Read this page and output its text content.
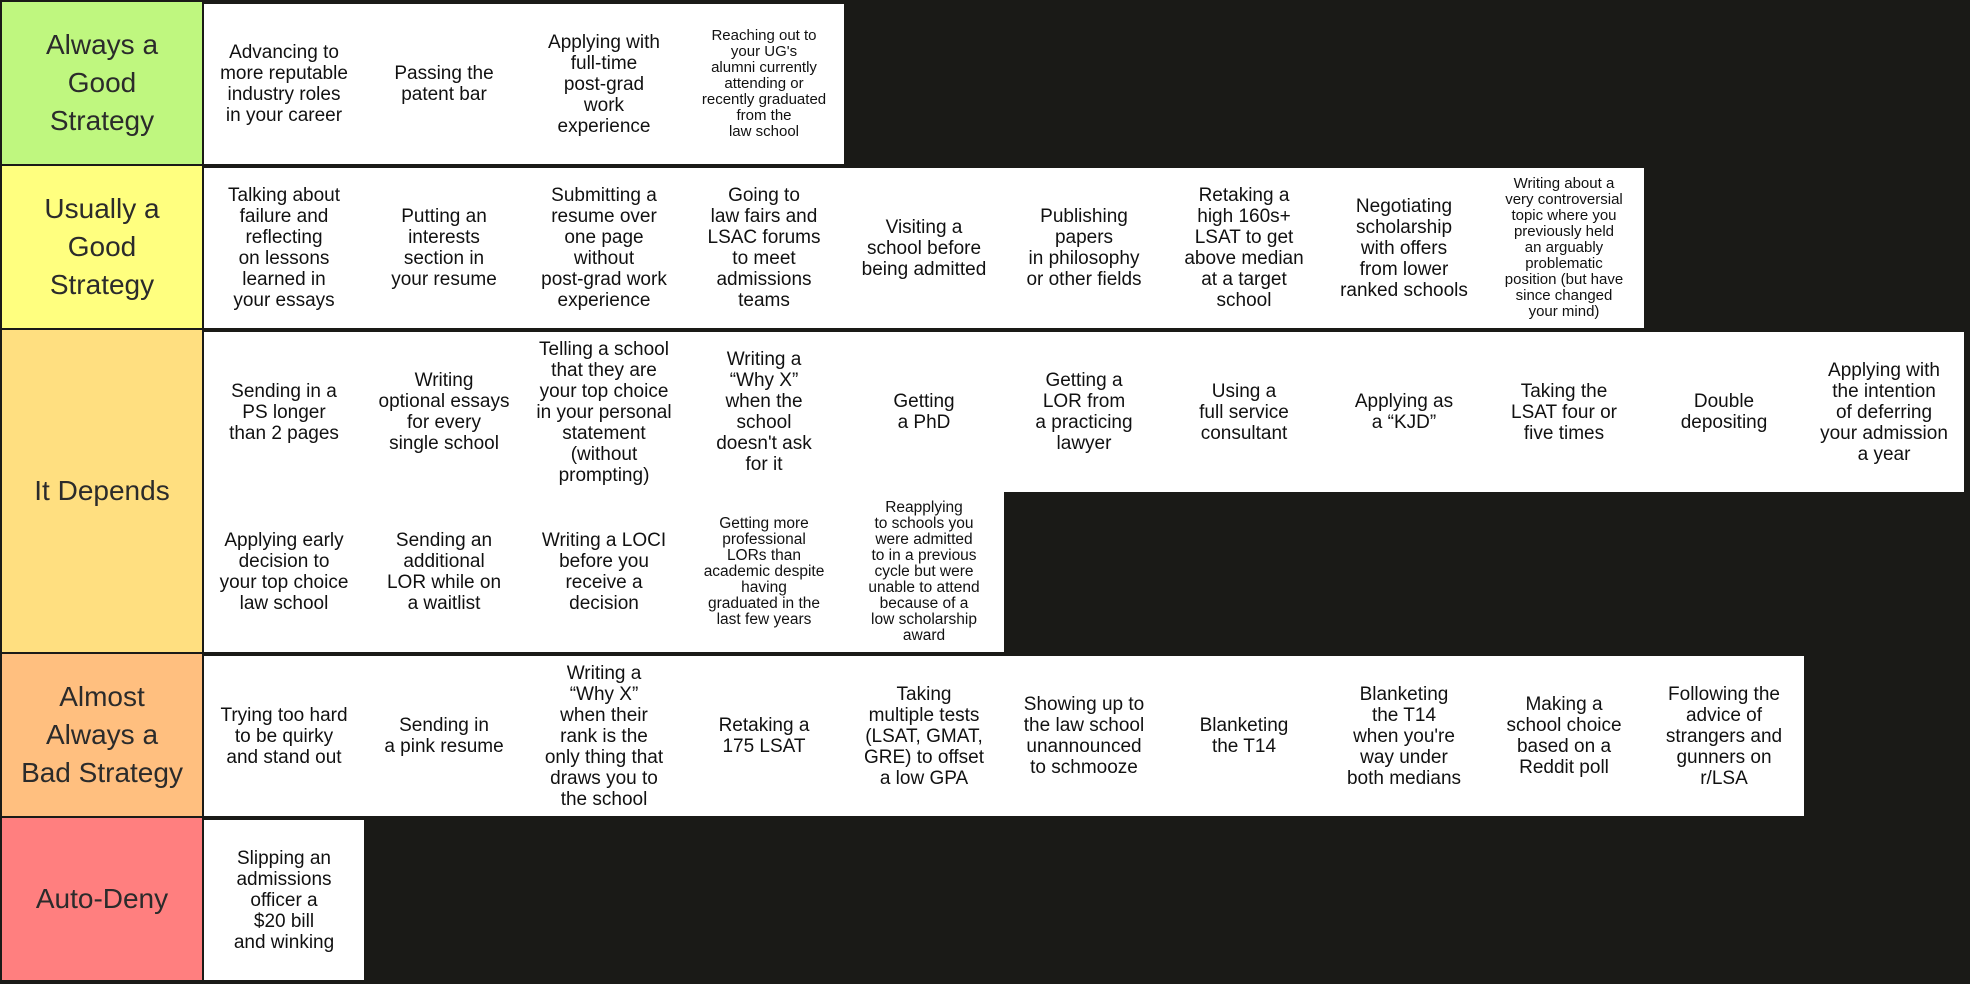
Always a
Good
Strategy
Advancing to
more reputable
industry roles
in your career
Passing the
patent bar
Applying with
full-time
post-grad
work
experience
Reaching out to
your UG's
alumni currently
attending or
recently graduated
from the
law school
Usually a
Good
Strategy
Talking about
failure and
reflecting
on lessons
learned in
your essays
Putting an
interests
section in
your resume
Submitting a
resume over
one page
without
post-grad work
experience
Going to
law fairs and
LSAC forums
to meet
admissions
teams
Visiting a
school before
being admitted
Publishing
papers
in philosophy
or other fields
Retaking a
high 160s+
LSAT to get
above median
at a target
school
Negotiating
scholarship
with offers
from lower
ranked schools
Writing about a
very controversial
topic where you
previously held
an arguably
problematic
position (but have
since changed
your mind)
It Depends
Sending in a
PS longer
than 2 pages
Writing
optional essays
for every
single school
Telling a school
that they are
your top choice
in your personal
statement
(without
prompting)
Writing a
“Why X”
when the
school
doesn't ask
for it
Getting
a PhD
Getting a
LOR from
a practicing
lawyer
Using a
full service
consultant
Applying as
a “KJD”
Taking the
LSAT four or
five times
Double
depositing
Applying with
the intention
of deferring
your admission
a year
Applying early
decision to
your top choice
law school
Sending an
additional
LOR while on
a waitlist
Writing a LOCI
before you
receive a
decision
Getting more
professional
LORs than
academic despite
having
graduated in the
last few years
Reapplying
to schools you
were admitted
to in a previous
cycle but were
unable to attend
because of a
low scholarship
award
Almost
Always a
Bad Strategy
Trying too hard
to be quirky
and stand out
Sending in
a pink resume
Writing a
“Why X”
when their
rank is the
only thing that
draws you to
the school
Retaking a
175 LSAT
Taking
multiple tests
(LSAT, GMAT,
GRE) to offset
a low GPA
Showing up to
the law school
unannounced
to schmooze
Blanketing
the T14
Blanketing
the T14
when you're
way under
both medians
Making a
school choice
based on a
Reddit poll
Following the
advice of
strangers and
gunners on
r/LSA
Auto-Deny
Slipping an
admissions
officer a
$20 bill
and winking
